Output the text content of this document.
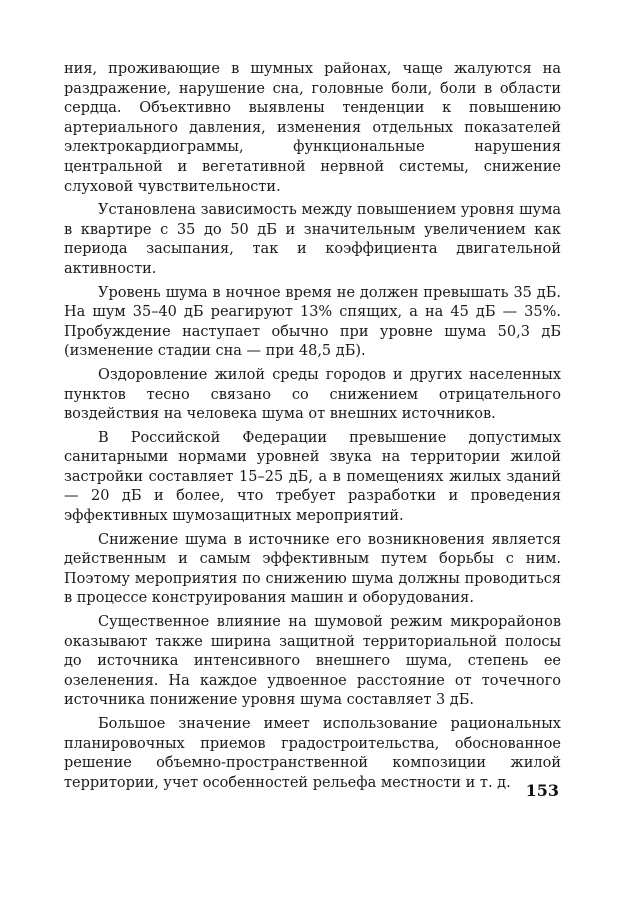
ния, проживающие в шумных районах, чаще жалуются на раздражение, нарушение сна, головные боли, боли в области сердца. Объективно выявлены тенденции к повышению артериального давления, изменения отдельных показателей электрокардиограммы, функциональные нарушения центральной и вегетативной нервной системы, снижение слуховой чувствительности.

Установлена зависимость между повышением уровня шума в квартире с 35 до 50 дБ и значительным увеличением как периода засыпания, так и коэффициента двигательной активности.

Уровень шума в ночное время не должен превышать 35 дБ. На шум 35–40 дБ реагируют 13% спящих, а на 45 дБ — 35%. Пробуждение наступает обычно при уровне шума 50,3 дБ (изменение стадии сна — при 48,5 дБ).

Оздоровление жилой среды городов и других населенных пунктов тесно связано со снижением отрицательного воздействия на человека шума от внешних источников.

В Российской Федерации превышение допустимых санитарными нормами уровней звука на территории жилой застройки составляет 15–25 дБ, а в помещениях жилых зданий — 20 дБ и более, что требует разработки и проведения эффективных шумозащитных мероприятий.

Снижение шума в источнике его возникновения является действенным и самым эффективным путем борьбы с ним. Поэтому мероприятия по снижению шума должны проводиться в процессе конструирования машин и оборудования.

Существенное влияние на шумовой режим микрорайонов оказывают также ширина защитной территориальной полосы до источника интенсивного внешнего шума, степень ее озеленения. На каждое удвоенное расстояние от точечного источника понижение уровня шума составляет 3 дБ.

Большое значение имеет использование рациональных планировочных приемов градостроительства, обоснованное решение объемно-пространственной композиции жилой территории, учет особенностей рельефа местности и т. д. 153
